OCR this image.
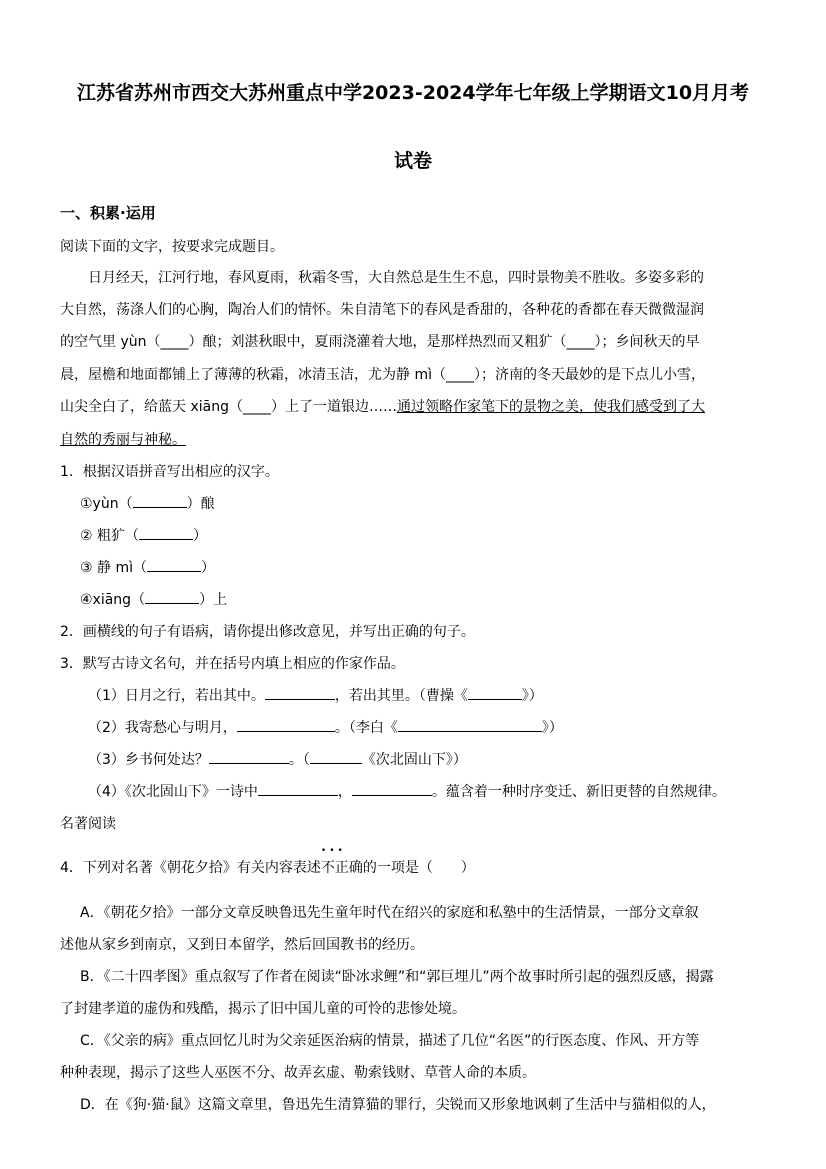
江苏省苏州市西交大苏州重点中学2023-2024学年七年级上学期语文10月月考
试卷
一、积累·运用
阅读下面的文字，按要求完成题目。
日月经天，江河行地，春风夏雨，秋霜冬雪，大自然总是生生不息，四时景物美不胜收。多姿多彩的
大自然，荡涤人们的心胸，陶冶人们的情怀。朱自清笔下的春风是香甜的，各种花的香都在春天微微湿润
的空气里 yùn（____）酿；刘湛秋眼中，夏雨浇灌着大地，是那样热烈而又粗犷（____）；乡间秋天的早
晨，屋檐和地面都铺上了薄薄的秋霜，冰清玉洁，尤为静 mì（____）；济南的冬天最妙的是下点儿小雪，
山尖全白了，给蓝天 xiāng（____）上了一道银边……通过领略作家笔下的景物之美，使我们感受到了大
自然的秀丽与神秘。
1．根据汉语拼音写出相应的汉字。
①yùn（	）酿
② 粗犷（	）
③ 静 mì（	）
④xiāng（	）上
2．画横线的句子有语病，请你提出修改意见，并写出正确的句子。
3．默写古诗文名句，并在括号内填上相应的作家作品。
（1）日月之行，若出其中。	，若出其里。（曹操《	》）
（2）我寄愁心与明月，	。（李白《	》）
（3）乡书何处达？	。（	《次北固山下》）
（4）《次北固山下》一诗中	，	。蕴含着一种时序变迁、新旧更替的自然规律。
名著阅读
4．下列对名著《朝花夕拾》有关内容表述••• 不正确的一项是（　　）
A．《朝花夕拾》一部分文章反映鲁迅先生童年时代在绍兴的家庭和私塾中的生活情景，一部分文章叙
述他从家乡到南京，又到日本留学，然后回国教书的经历。
B．《二十四孝图》重点叙写了作者在阅读“卧冰求鲤”和“郭巨埋儿”两个故事时所引起的强烈反感，揭露
了封建孝道的虚伪和残酷，揭示了旧中国儿童的可怜的悲惨处境。
C．《父亲的病》重点回忆儿时为父亲延医治病的情景，描述了几位“名医”的行医态度、作风、开方等
种种表现，揭示了这些人巫医不分、故弄玄虚、勒索钱财、草菅人命的本质。
D．在《狗·猫·鼠》这篇文章里，鲁迅先生清算猫的罪行，尖锐而又形象地讽刺了生活中与猫相似的人，
